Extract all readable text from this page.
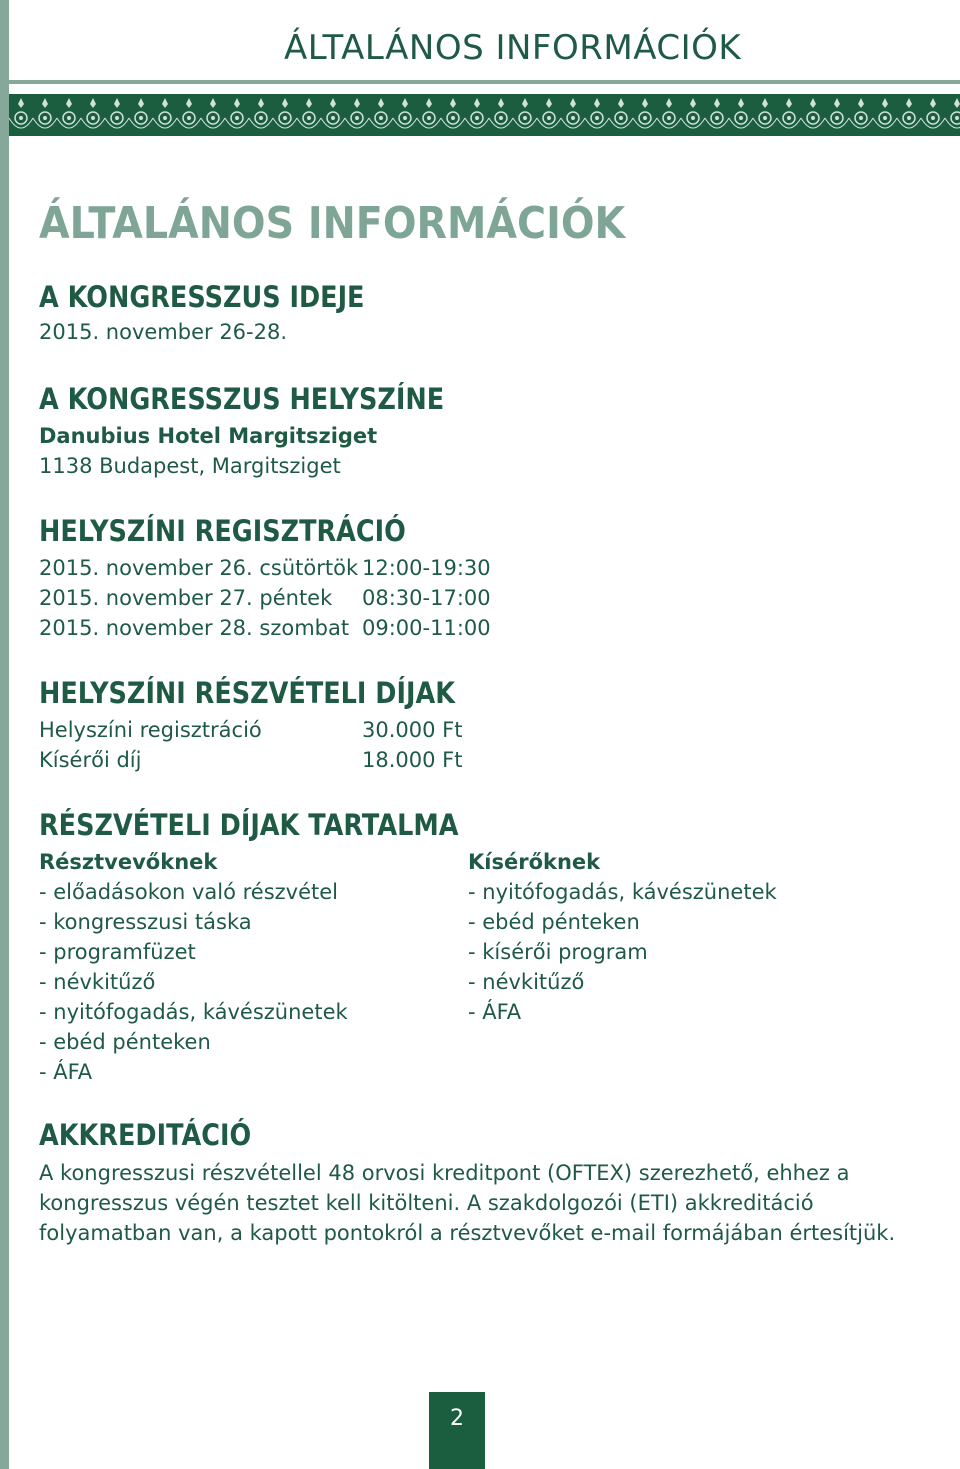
ÁLTALÁNOS INFORMÁCIÓK
ÁLTALÁNOS INFORMÁCIÓK
A KONGRESSZUS IDEJE
2015. november 26-28.
A KONGRESSZUS HELYSZÍNE
Danubius Hotel Margitsziget
1138 Budapest, Margitsziget
HELYSZÍNI REGISZTRÁCIÓ
2015. november 26. csütörtök 12:00-19:30
2015. november 27. péntek 08:30-17:00
2015. november 28. szombat 09:00-11:00
HELYSZÍNI RÉSZVÉTELI DÍJAK
Helyszíni regisztráció	30.000 Ft
Kísérői díj	18.000 Ft
RÉSZVÉTELI DÍJAK TARTALMA
Résztvevőknek
- előadásokon való részvétel
- kongresszusi táska
- programfüzet
- névkitűző
- nyitófogadás, kávészünetek
- ebéd pénteken
- ÁFA
Kísérőknek
- nyitófogadás, kávészünetek
- ebéd pénteken
- kísérői program
- névkitűző
- ÁFA
AKKREDITÁCIÓ
A kongresszusi részvétellel 48 orvosi kreditpont (OFTEX) szerezhető, ehhez a kongresszus végén tesztet kell kitölteni. A szakdolgozói (ETI) akkreditáció folyamatban van, a kapott pontokról a résztvevőket e-mail formájában értesítjük.
2
